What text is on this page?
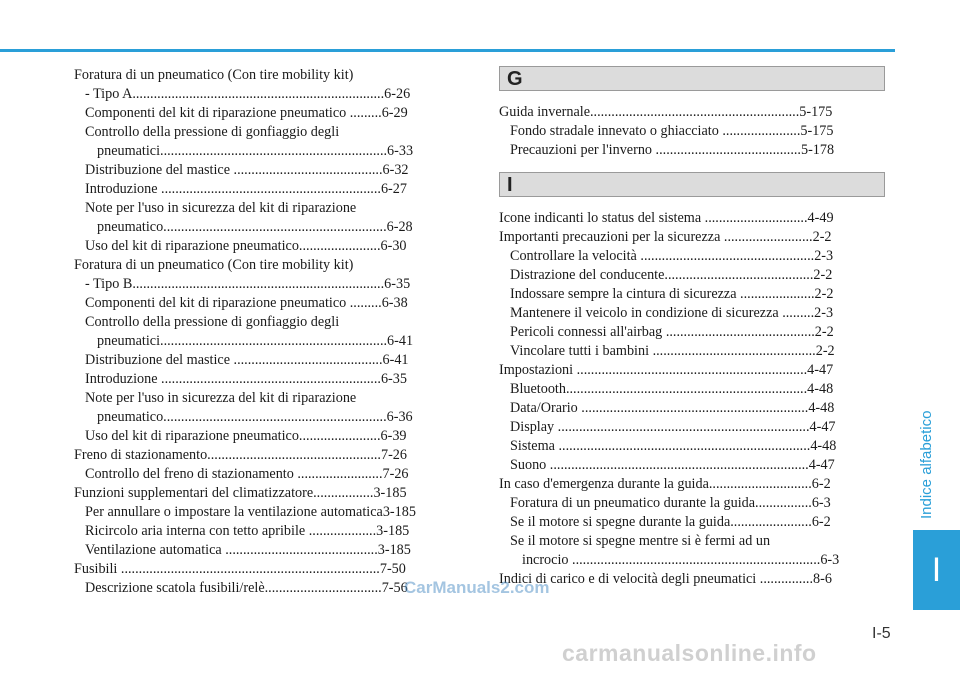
Foratura di un pneumatico (Con tire mobility kit)
- Tipo A.......................................................................6-26
Componenti del kit di riparazione pneumatico .........6-29
Controllo della pressione di gonfiaggio degli
pneumatici................................................................6-33
Distribuzione del mastice ..........................................6-32
Introduzione ..............................................................6-27
Note per l'uso in sicurezza del kit di riparazione
pneumatico...............................................................6-28
Uso del kit di riparazione pneumatico.......................6-30
Foratura di un pneumatico (Con tire mobility kit)
- Tipo B.......................................................................6-35
Componenti del kit di riparazione pneumatico .........6-38
Controllo della pressione di gonfiaggio degli
pneumatici................................................................6-41
Distribuzione del mastice ..........................................6-41
Introduzione ..............................................................6-35
Note per l'uso in sicurezza del kit di riparazione
pneumatico...............................................................6-36
Uso del kit di riparazione pneumatico.......................6-39
Freno di stazionamento.................................................7-26
Controllo del freno di stazionamento ........................7-26
Funzioni supplementari del climatizzatore.................3-185
Per annullare o impostare la ventilazione automatica3-185
Ricircolo aria interna con tetto apribile ...................3-185
Ventilazione automatica ...........................................3-185
Fusibili .........................................................................7-50
Descrizione scatola fusibili/relè.................................7-56
G
Guida invernale...........................................................5-175
Fondo stradale innevato o ghiacciato ......................5-175
Precauzioni per l'inverno .........................................5-178
I
Icone indicanti lo status del sistema .............................4-49
Importanti precauzioni per la sicurezza .........................2-2
Controllare la velocità .................................................2-3
Distrazione del conducente..........................................2-2
Indossare sempre la cintura di sicurezza .....................2-2
Mantenere il veicolo in condizione di sicurezza .........2-3
Pericoli connessi all'airbag ..........................................2-2
Vincolare tutti i bambini ..............................................2-2
Impostazioni .................................................................4-47
Bluetooth....................................................................4-48
Data/Orario ................................................................4-48
Display .......................................................................4-47
Sistema .......................................................................4-48
Suono .........................................................................4-47
In caso d'emergenza durante la guida.............................6-2
Foratura di un pneumatico durante la guida................6-3
Se il motore si spegne durante la guida.......................6-2
Se il motore si spegne mentre si è fermi ad un
incrocio ......................................................................6-3
Indici di carico e di velocità degli pneumatici ...............8-6
Indice alfabetico
I
I-5
CarManuals2.com
carmanualsonline.info
